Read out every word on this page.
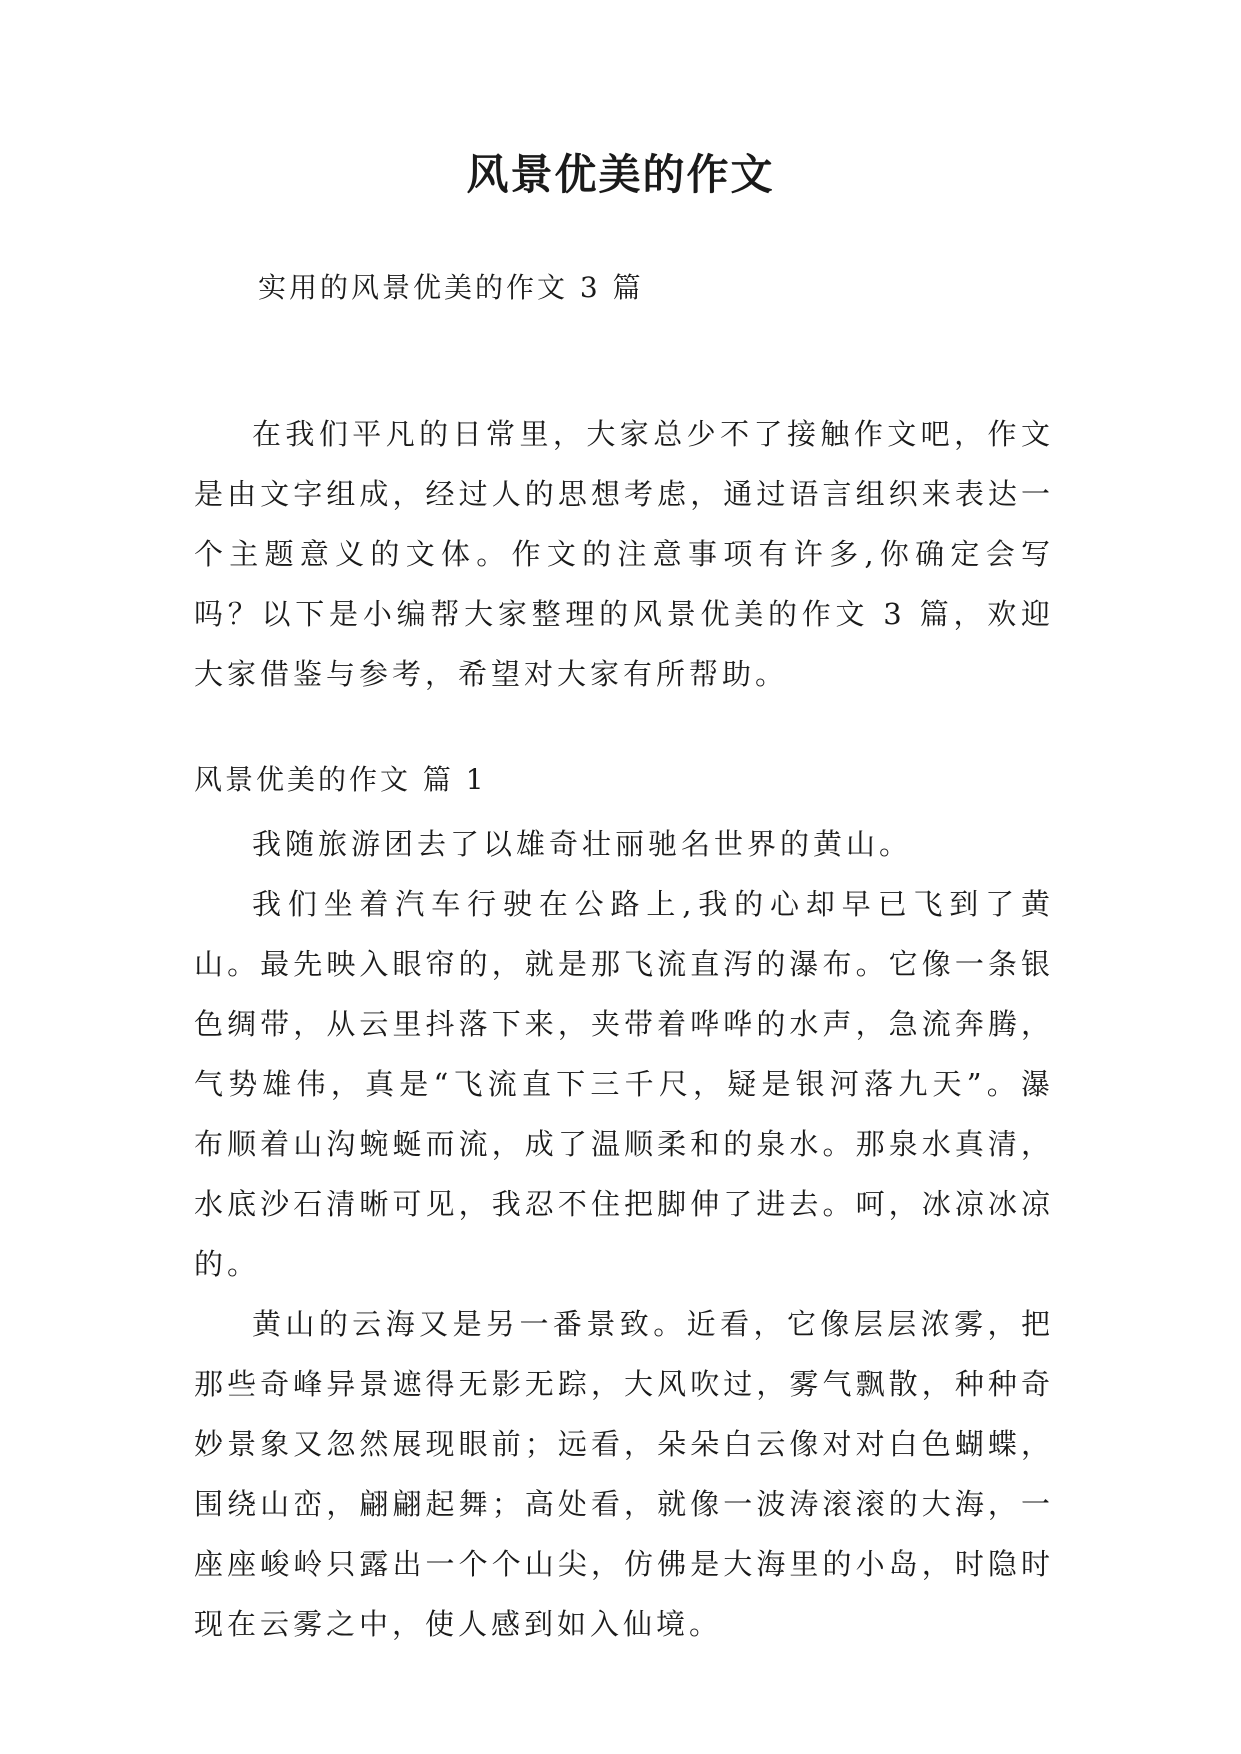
风景优美的作文
实用的风景优美的作文 3 篇

在我们平凡的日常里，大家总少不了接触作文吧，作文是由文字组成，经过人的思想考虑，通过语言组织来表达一个主题意义的文体。作文的注意事项有许多,你确定会写吗？以下是小编帮大家整理的风景优美的作文 3 篇，欢迎大家借鉴与参考，希望对大家有所帮助。

风景优美的作文 篇 1

我随旅游团去了以雄奇壮丽驰名世界的黄山。

我们坐着汽车行驶在公路上,我的心却早已飞到了黄山。最先映入眼帘的，就是那飞流直泻的瀑布。它像一条银色绸带，从云里抖落下来，夹带着哗哗的水声，急流奔腾，气势雄伟，真是“飞流直下三千尺，疑是银河落九天”。瀑布顺着山沟蜿蜒而流，成了温顺柔和的泉水。那泉水真清，水底沙石清晰可见，我忍不住把脚伸了进去。呵，冰凉冰凉的。

黄山的云海又是另一番景致。近看，它像层层浓雾，把那些奇峰异景遮得无影无踪，大风吹过，雾气飘散，种种奇妙景象又忽然展现眼前；远看，朵朵白云像对对白色蝴蝶，围绕山峦，翩翩起舞；高处看，就像一波涛滚滚的大海，一座座峻岭只露出一个个山尖，仿佛是大海里的小岛，时隐时现在云雾之中，使人感到如入仙境。
